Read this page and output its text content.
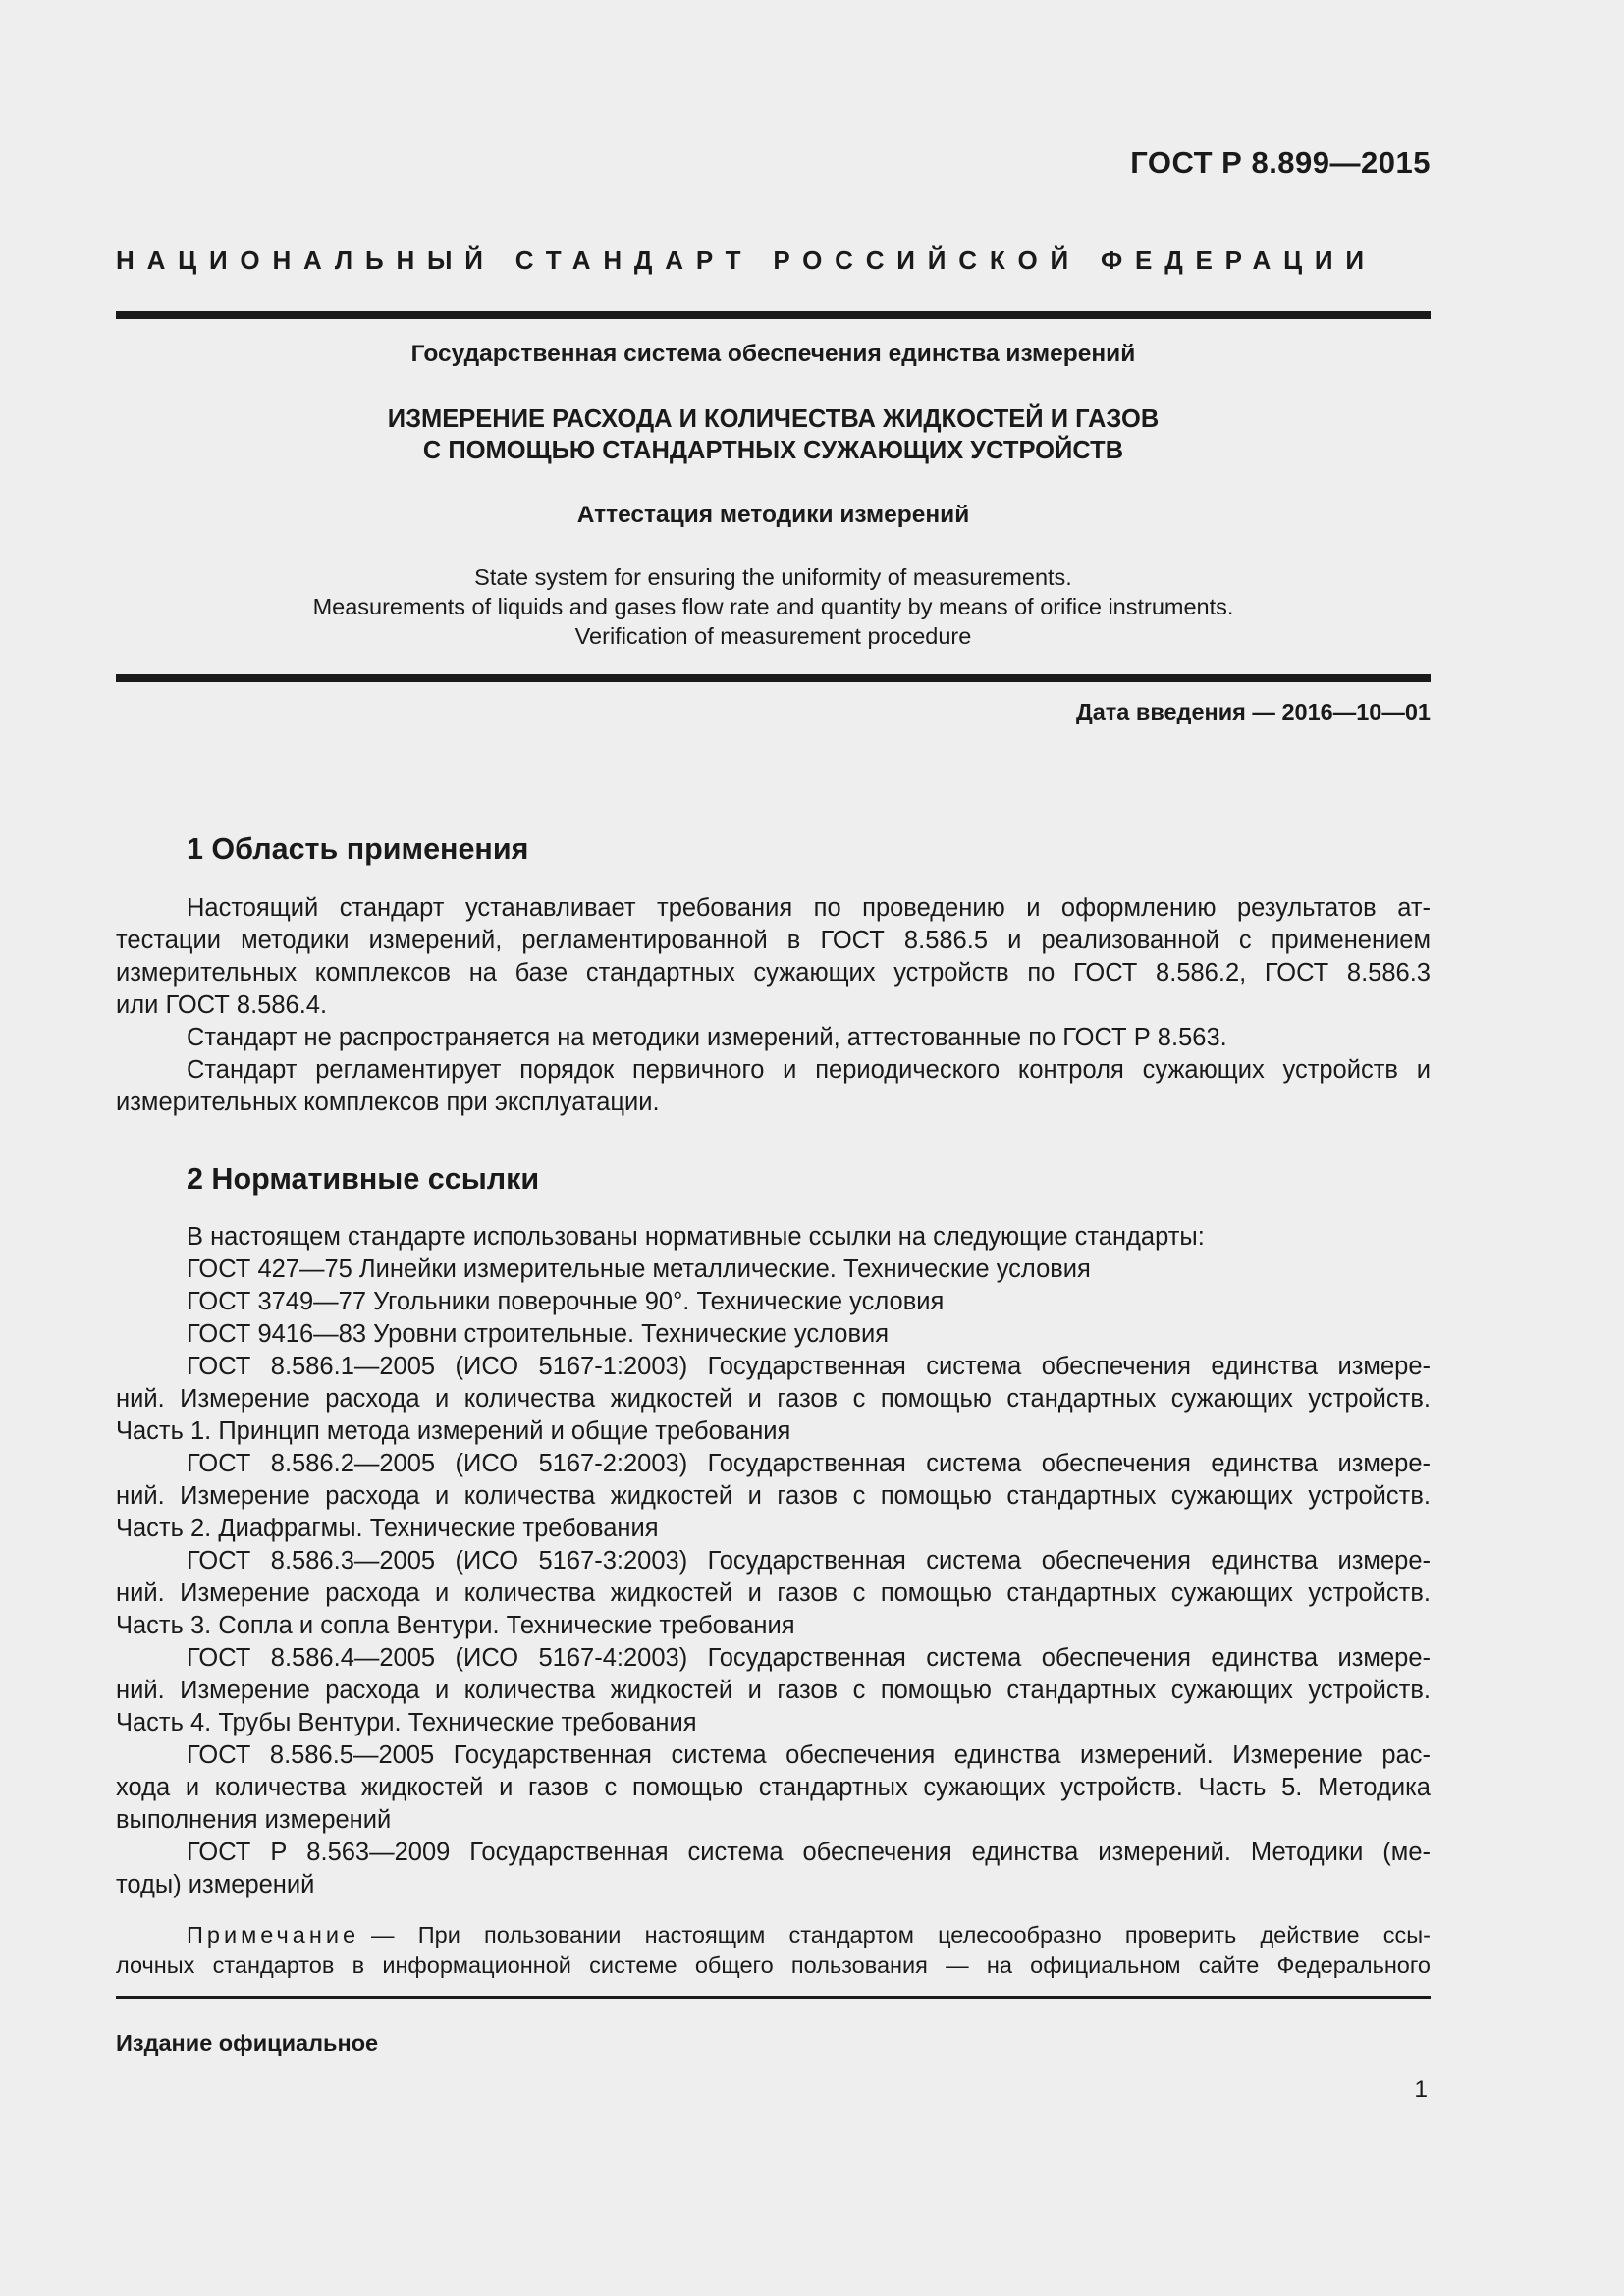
ГОСТ Р 8.899—2015
НАЦИОНАЛЬНЫЙ СТАНДАРТ РОССИЙСКОЙ ФЕДЕРАЦИИ
Государственная система обеспечения единства измерений
ИЗМЕРЕНИЕ РАСХОДА И КОЛИЧЕСТВА ЖИДКОСТЕЙ И ГАЗОВ
С ПОМОЩЬЮ СТАНДАРТНЫХ СУЖАЮЩИХ УСТРОЙСТВ
Аттестация методики измерений
State system for ensuring the uniformity of measurements.
Measurements of liquids and gases flow rate and quantity by means of orifice instruments.
Verification of measurement procedure
Дата введения — 2016—10—01
1 Область применения
Настоящий стандарт устанавливает требования по проведению и оформлению результатов ат-
тестации методики измерений, регламентированной в ГОСТ 8.586.5 и реализованной с применением
измерительных комплексов на базе стандартных сужающих устройств по ГОСТ 8.586.2, ГОСТ 8.586.3
или ГОСТ 8.586.4.
Стандарт не распространяется на методики измерений, аттестованные по ГОСТ Р 8.563.
Стандарт регламентирует порядок первичного и периодического контроля сужающих устройств и
измерительных комплексов при эксплуатации.
2 Нормативные ссылки
В настоящем стандарте использованы нормативные ссылки на следующие стандарты:
ГОСТ 427—75 Линейки измерительные металлические. Технические условия
ГОСТ 3749—77 Угольники поверочные 90°. Технические условия
ГОСТ 9416—83 Уровни строительные. Технические условия
ГОСТ 8.586.1—2005 (ИСО 5167-1:2003) Государственная система обеспечения единства измере-
ний. Измерение расхода и количества жидкостей и газов с помощью стандартных сужающих устройств.
Часть 1. Принцип метода измерений и общие требования
ГОСТ 8.586.2—2005 (ИСО 5167-2:2003) Государственная система обеспечения единства измере-
ний. Измерение расхода и количества жидкостей и газов с помощью стандартных сужающих устройств.
Часть 2. Диафрагмы. Технические требования
ГОСТ 8.586.3—2005 (ИСО 5167-3:2003) Государственная система обеспечения единства измере-
ний. Измерение расхода и количества жидкостей и газов с помощью стандартных сужающих устройств.
Часть 3. Сопла и сопла Вентури. Технические требования
ГОСТ 8.586.4—2005 (ИСО 5167-4:2003) Государственная система обеспечения единства измере-
ний. Измерение расхода и количества жидкостей и газов с помощью стандартных сужающих устройств.
Часть 4. Трубы Вентури. Технические требования
ГОСТ 8.586.5—2005 Государственная система обеспечения единства измерений. Измерение рас-
хода и количества жидкостей и газов с помощью стандартных сужающих устройств. Часть 5. Методика
выполнения измерений
ГОСТ Р 8.563—2009 Государственная система обеспечения единства измерений. Методики (ме-
тоды) измерений
Примечание — При пользовании настоящим стандартом целесообразно проверить действие ссы-
лочных стандартов в информационной системе общего пользования — на официальном сайте Федерального
Издание официальное
1
